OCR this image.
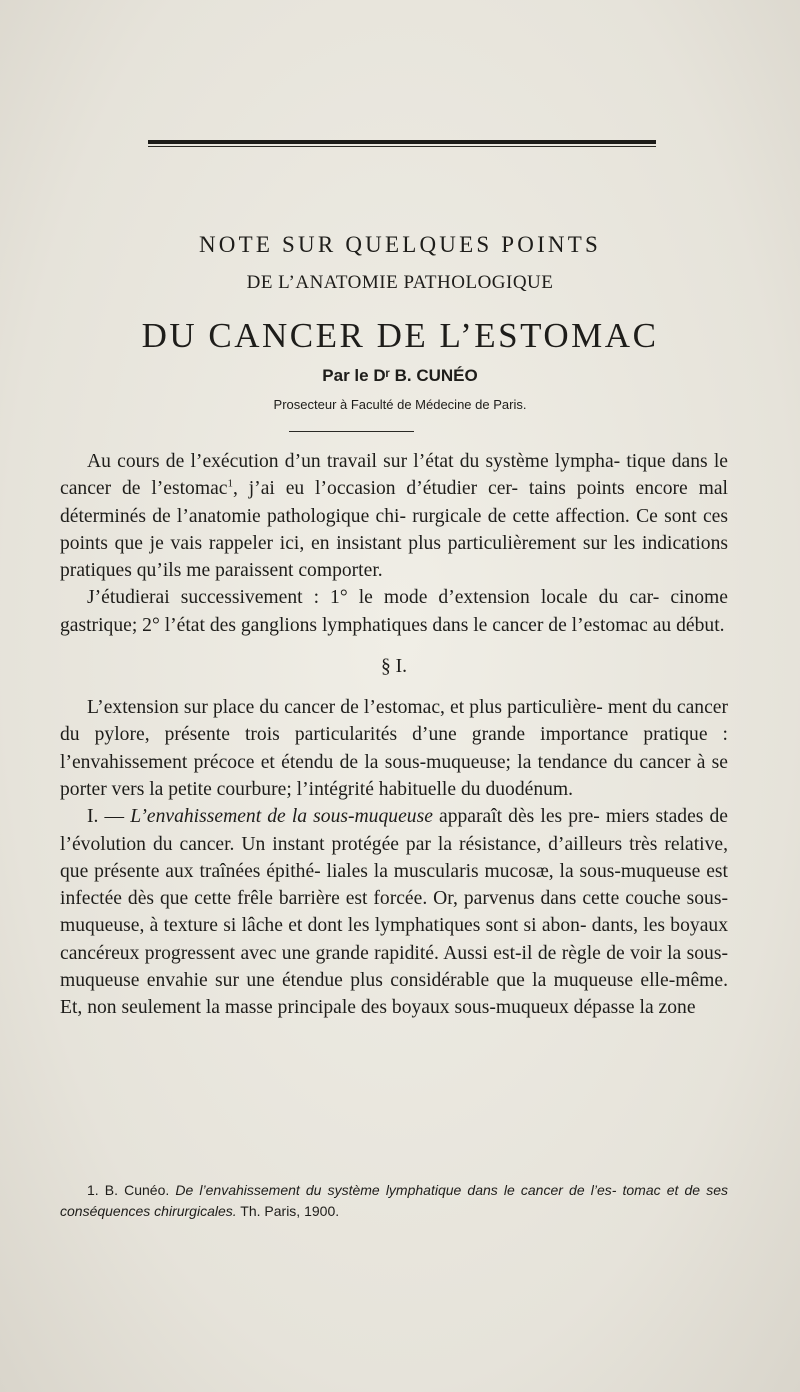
NOTE SUR QUELQUES POINTS
DE L’ANATOMIE PATHOLOGIQUE
DU CANCER DE L’ESTOMAC
Par le Dʳ B. CUNÉO
Prosecteur à Faculté de Médecine de Paris.

Au cours de l’exécution d’un travail sur l’état du système lympha- tique dans le cancer de l’estomac$^1$, j’ai eu l’occasion d’étudier cer- tains points encore mal déterminés de l’anatomie pathologique chi- rurgicale de cette affection. Ce sont ces points que je vais rappeler ici, en insistant plus particulièrement sur les indications pratiques qu’ils me paraissent comporter.

J’étudierai successivement : 1° le mode d’extension locale du car- cinome gastrique; 2° l’état des ganglions lymphatiques dans le cancer de l’estomac au début.

§ I.

L’extension sur place du cancer de l’estomac, et plus particulière- ment du cancer du pylore, présente trois particularités d’une grande importance pratique : l’envahissement précoce et étendu de la sous-muqueuse; la tendance du cancer à se porter vers la petite courbure; l’intégrité habituelle du duodénum.

I. — L’envahissement de la sous-muqueuse apparaît dès les pre- miers stades de l’évolution du cancer. Un instant protégée par la résistance, d’ailleurs très relative, que présente aux traînées épithé- liales la muscularis mucosæ, la sous-muqueuse est infectée dès que cette frêle barrière est forcée. Or, parvenus dans cette couche sous- muqueuse, à texture si lâche et dont les lymphatiques sont si abon- dants, les boyaux cancéreux progressent avec une grande rapidité. Aussi est-il de règle de voir la sous-muqueuse envahie sur une étendue plus considérable que la muqueuse elle-même. Et, non seulement la masse principale des boyaux sous-muqueux dépasse la zone

1. B. Cunéo. De l’envahissement du système lymphatique dans le cancer de l’es- tomac et de ses conséquences chirurgicales. Th. Paris, 1900.
